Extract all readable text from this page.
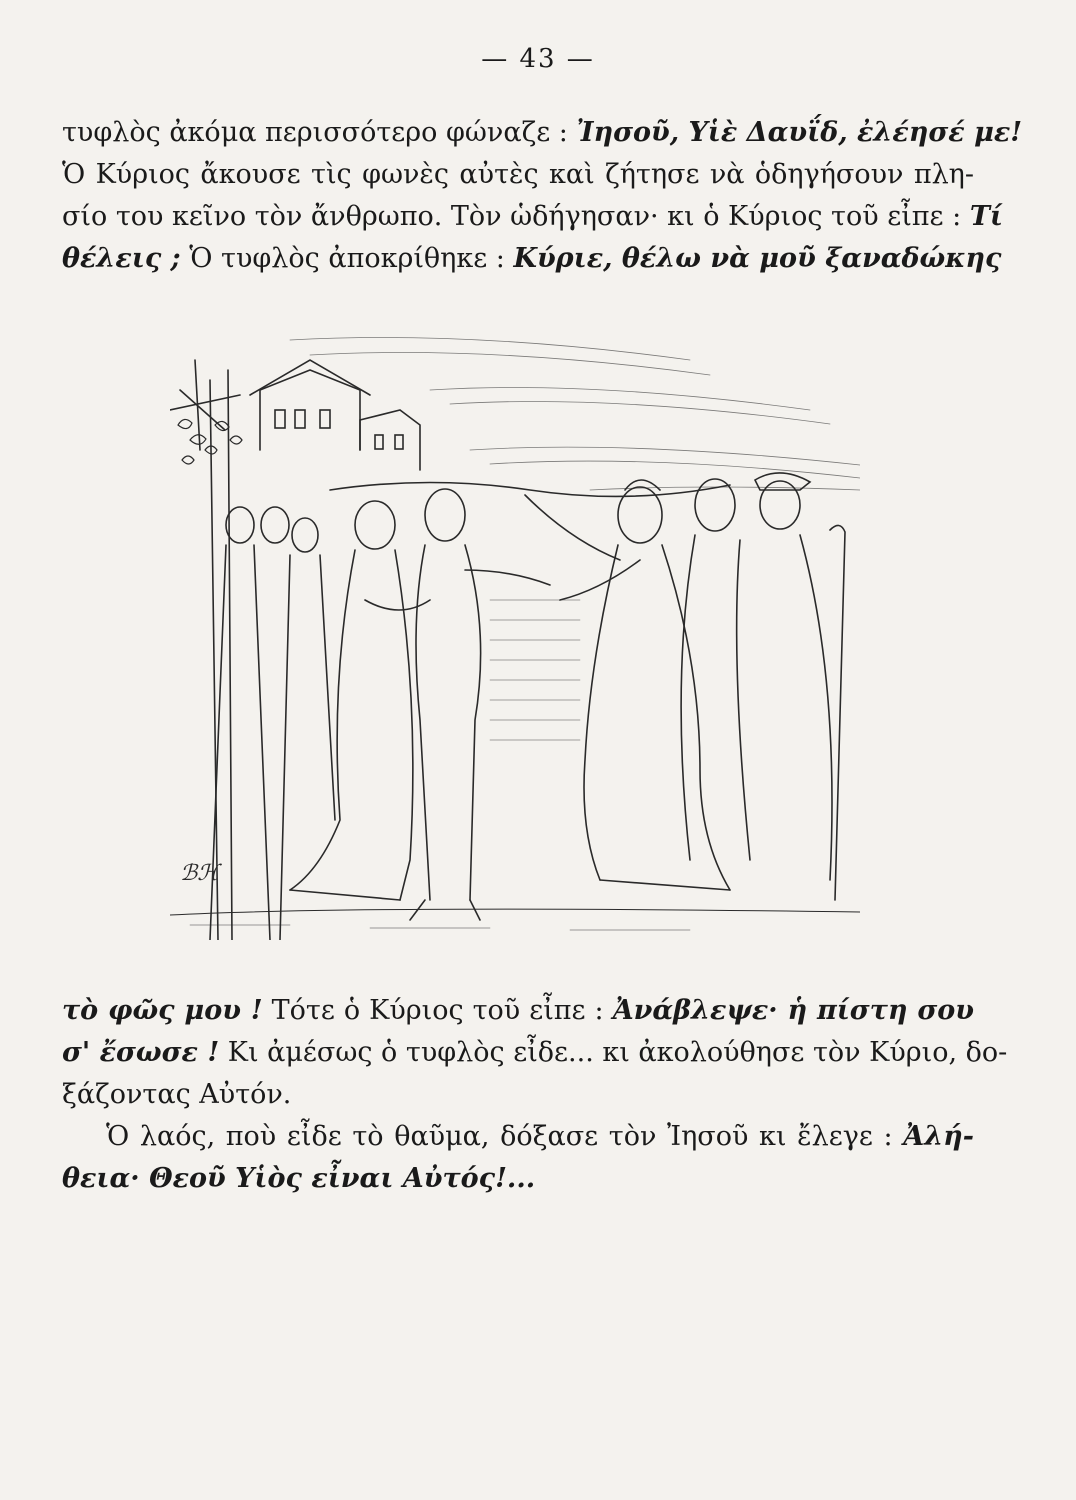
— 43 —
τυφλὸς ἀκόμα περισσότερο φώναζε : Ἰησοῦ, Υἱὲ Δαυΐδ, ἐλέησέ με!
Ὁ Κύριος ἄκουσε τὶς φωνὲς αὐτὲς καὶ ζήτησε νὰ ὁδηγήσουν πλη-
σίο του κεῖνο τὸν ἄνθρωπο. Τὸν ὡδήγησαν· κι ὁ Κύριος τοῦ εἶπε : Τί
θέλεις ; Ὁ τυφλὸς ἀποκρίθηκε : Κύριε, θέλω νὰ μοῦ ξαναδώκης
ℬℋ
τὸ φῶς μου ! Τότε ὁ Κύριος τοῦ εἶπε : Ἀνάβλεψε· ἡ πίστη σου
σ' ἔσωσε ! Κι ἀμέσως ὁ τυφλὸς εἶδε... κι ἀκολούθησε τὸν Κύριο, δο-
ξάζοντας Αὐτόν.
Ὁ λαός, ποὺ εἶδε τὸ θαῦμα, δόξασε τὸν Ἰησοῦ κι ἔλεγε : Ἀλή-
θεια· Θεοῦ Υἱὸς εἶναι Αὐτός!...
